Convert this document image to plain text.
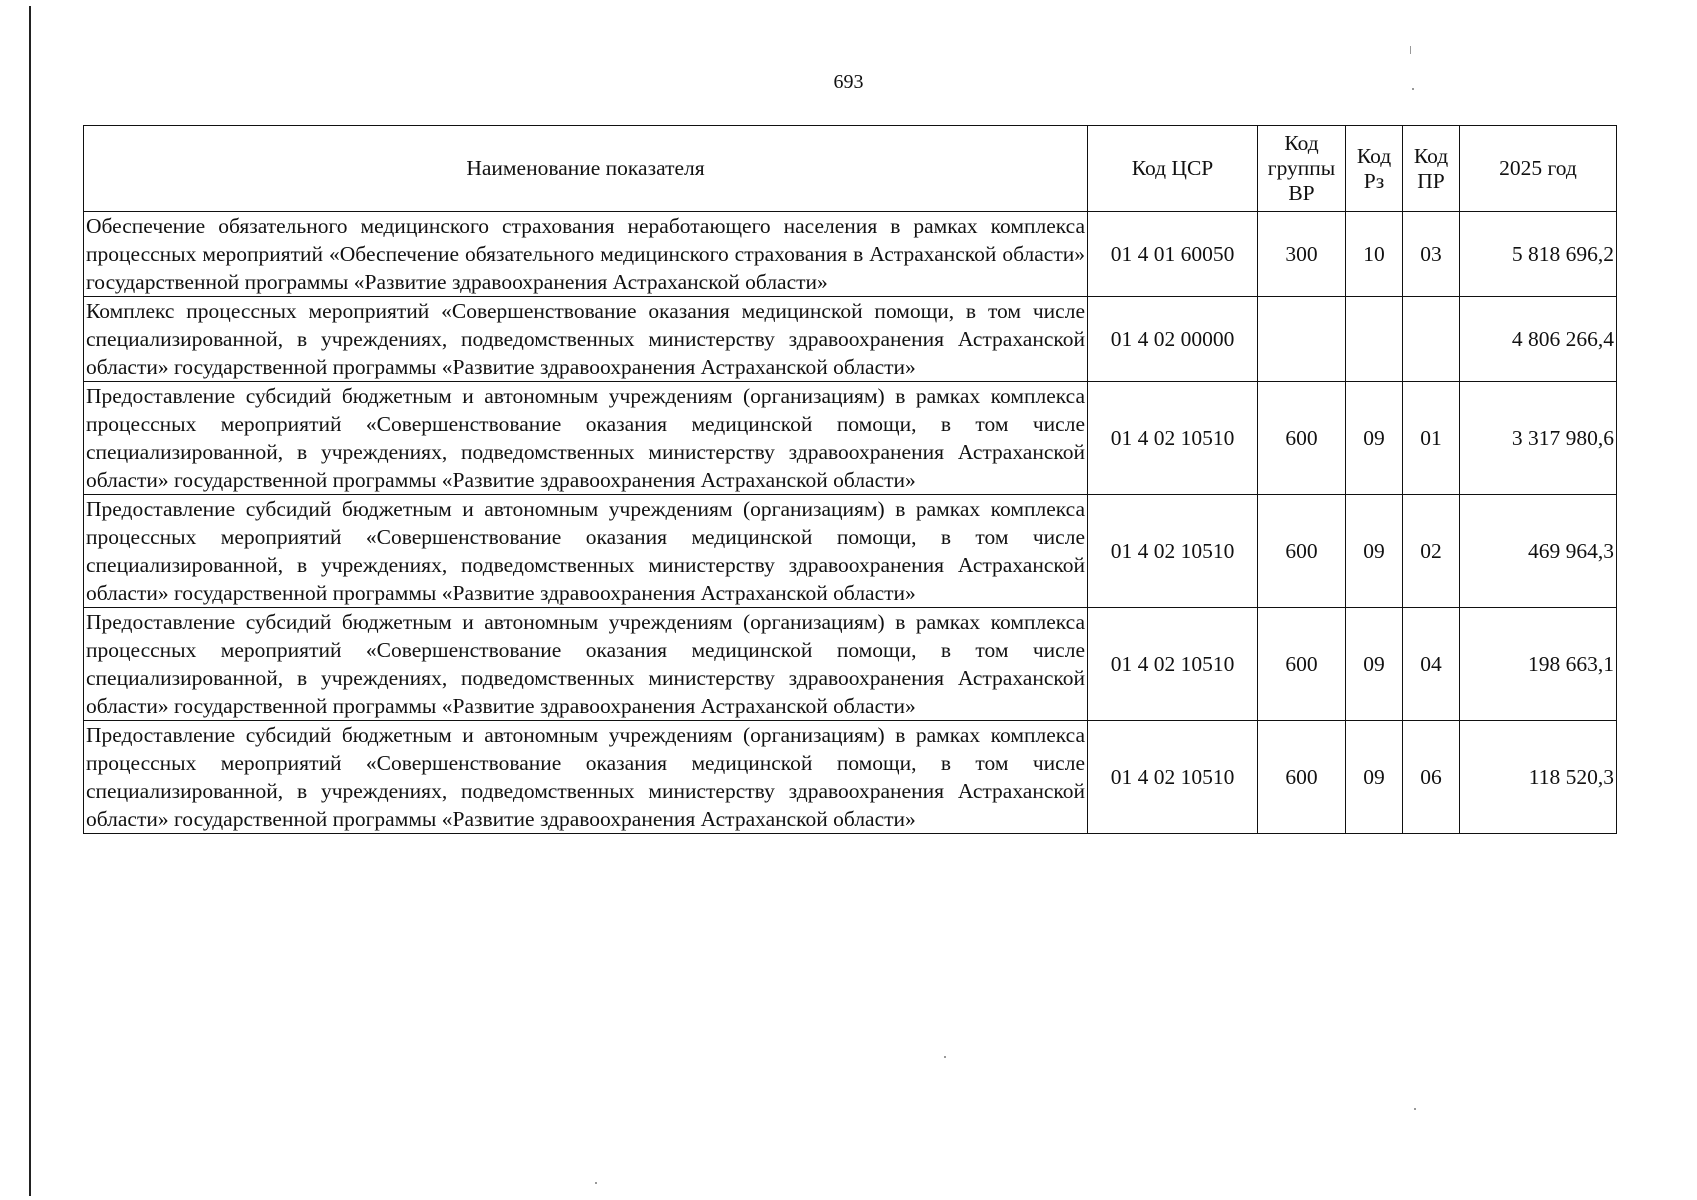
693
Наименование показателя	Код ЦСР	Код группы ВР	Код Рз	Код ПР	2025 год
Обеспечение обязательного медицинского страхования неработающего населения в рамках комплекса процессных мероприятий «Обеспечение обязательного медицинского страхования в Астраханской области» государственной программы «Развитие здравоохранения Астраханской области»	01 4 01 60050	300	10	03	5 818 696,2
Комплекс процессных мероприятий «Совершенствование оказания медицинской помощи, в том числе специализированной, в учреждениях, подведомственных министерству здравоохранения Астраханской области» государственной программы «Развитие здравоохранения Астраханской области»	01 4 02 00000				4 806 266,4
Предоставление субсидий бюджетным и автономным учреждениям (организациям) в рамках комплекса процессных мероприятий «Совершенствование оказания медицинской помощи, в том числе специализированной, в учреждениях, подведомственных министерству здравоохранения Астраханской области» государственной программы «Развитие здравоохранения Астраханской области»	01 4 02 10510	600	09	01	3 317 980,6
Предоставление субсидий бюджетным и автономным учреждениям (организациям) в рамках комплекса процессных мероприятий «Совершенствование оказания медицинской помощи, в том числе специализированной, в учреждениях, подведомственных министерству здравоохранения Астраханской области» государственной программы «Развитие здравоохранения Астраханской области»	01 4 02 10510	600	09	02	469 964,3
Предоставление субсидий бюджетным и автономным учреждениям (организациям) в рамках комплекса процессных мероприятий «Совершенствование оказания медицинской помощи, в том числе специализированной, в учреждениях, подведомственных министерству здравоохранения Астраханской области» государственной программы «Развитие здравоохранения Астраханской области»	01 4 02 10510	600	09	04	198 663,1
Предоставление субсидий бюджетным и автономным учреждениям (организациям) в рамках комплекса процессных мероприятий «Совершенствование оказания медицинской помощи, в том числе специализированной, в учреждениях, подведомственных министерству здравоохранения Астраханской области» государственной программы «Развитие здравоохранения Астраханской области»	01 4 02 10510	600	09	06	118 520,3
